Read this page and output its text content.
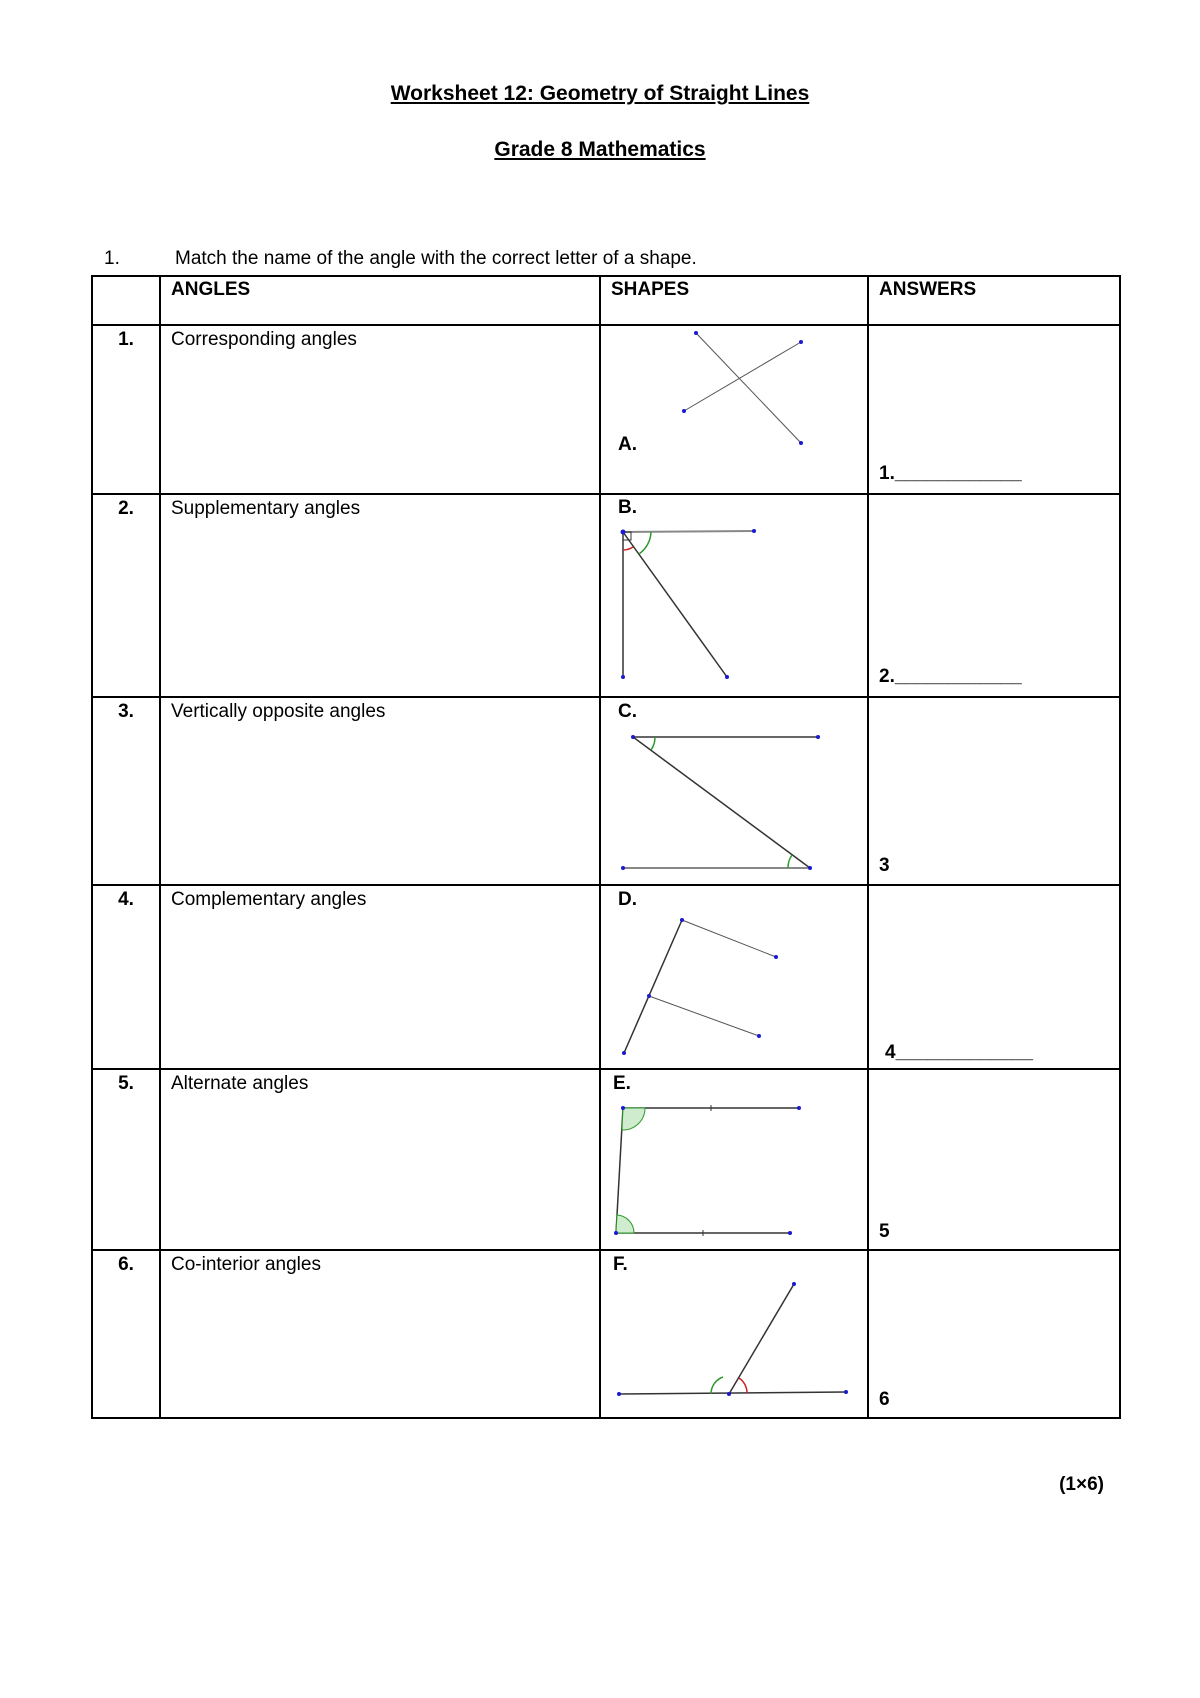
Worksheet 12: Geometry of Straight Lines
Grade 8 Mathematics
1.	Match the name of the angle with the correct letter of a shape.
	ANGLES	SHAPES	ANSWERS
1.	Corresponding angles	A.	1.____________

2.	Supplementary angles	B.	2.____________

3.	Vertically opposite angles	C.	3

4.	Complementary angles	D.	4_____________

5.	Alternate angles	E.	5

6.	Co-interior angles	F.	6
(1×6)
